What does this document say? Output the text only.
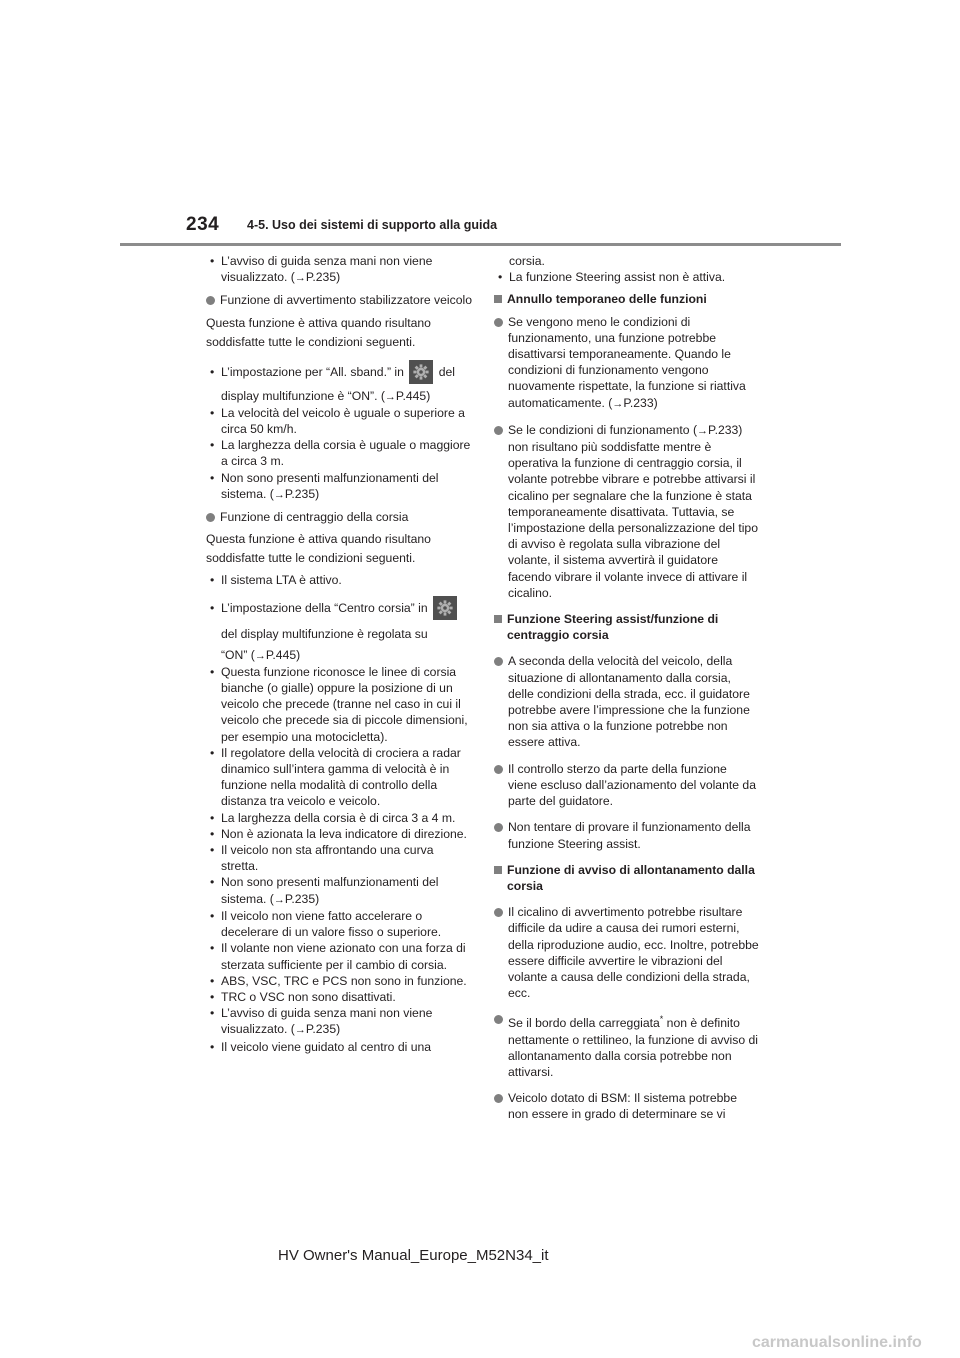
234 4-5. Uso dei sistemi di supporto alla guida
• L’avviso di guida senza mani non viene visualizzato. (→P.235)
Funzione di avvertimento stabilizzatore veicolo
Questa funzione è attiva quando risultano
soddisfatte tutte le condizioni seguenti.
• L’impostazione per “All. sband.” in	del
display multifunzione è “ON”. (→P.445)
• La velocità del veicolo è uguale o superiore a circa 50 km/h.
• La larghezza della corsia è uguale o maggiore a circa 3 m.
• Non sono presenti malfunzionamenti del sistema. (→P.235)
Funzione di centraggio della corsia
Questa funzione è attiva quando risultano
soddisfatte tutte le condizioni seguenti.
• Il sistema LTA è attivo.
• L’impostazione della “Centro corsia” in
del display multifunzione è regolata su
“ON” (→P.445)
• Questa funzione riconosce le linee di corsia bianche (o gialle) oppure la posizione di un veicolo che precede (tranne nel caso in cui il veicolo che precede sia di piccole dimensioni, per esempio una motocicletta).
• Il regolatore della velocità di crociera a radar dinamico sull’intera gamma di velocità è in funzione nella modalità di controllo della distanza tra veicolo e veicolo.
• La larghezza della corsia è di circa 3 a 4 m.
• Non è azionata la leva indicatore di direzione.
• Il veicolo non sta affrontando una curva stretta.
• Non sono presenti malfunzionamenti del sistema. (→P.235)
• Il veicolo non viene fatto accelerare o decelerare di un valore fisso o superiore.
• Il volante non viene azionato con una forza di sterzata sufficiente per il cambio di corsia.
• ABS, VSC, TRC e PCS non sono in funzione.
• TRC o VSC non sono disattivati.
• L’avviso di guida senza mani non viene visualizzato. (→P.235)
• Il veicolo viene guidato al centro di una
corsia.
• La funzione Steering assist non è attiva.
Annullo temporaneo delle funzioni
Se vengono meno le condizioni di funzionamento, una funzione potrebbe disattivarsi temporaneamente. Quando le condizioni di funzionamento vengono nuovamente rispettate, la funzione si riattiva automaticamente. (→P.233)
Se le condizioni di funzionamento (→P.233) non risultano più soddisfatte mentre è operativa la funzione di centraggio corsia, il volante potrebbe vibrare e potrebbe attivarsi il cicalino per segnalare che la funzione è stata temporaneamente disattivata. Tuttavia, se l’impostazione della personalizzazione del tipo di avviso è regolata sulla vibrazione del volante, il sistema avvertirà il guidatore facendo vibrare il volante invece di attivare il cicalino.
Funzione Steering assist/funzione di centraggio corsia
A seconda della velocità del veicolo, della situazione di allontanamento dalla corsia, delle condizioni della strada, ecc. il guidatore potrebbe avere l’impressione che la funzione non sia attiva o la funzione potrebbe non essere attiva.
Il controllo sterzo da parte della funzione viene escluso dall’azionamento del volante da parte del guidatore.
Non tentare di provare il funzionamento della funzione Steering assist.
Funzione di avviso di allontanamento dalla corsia
Il cicalino di avvertimento potrebbe risultare difficile da udire a causa dei rumori esterni, della riproduzione audio, ecc. Inoltre, potrebbe essere difficile avvertire le vibrazioni del volante a causa delle condizioni della strada, ecc.
Se il bordo della carreggiata* non è definito nettamente o rettilineo, la funzione di avviso di allontanamento dalla corsia potrebbe non attivarsi.
Veicolo dotato di BSM: Il sistema potrebbe non essere in grado di determinare se vi
HV Owner's Manual_Europe_M52N34_it
carmanualsonline.info
